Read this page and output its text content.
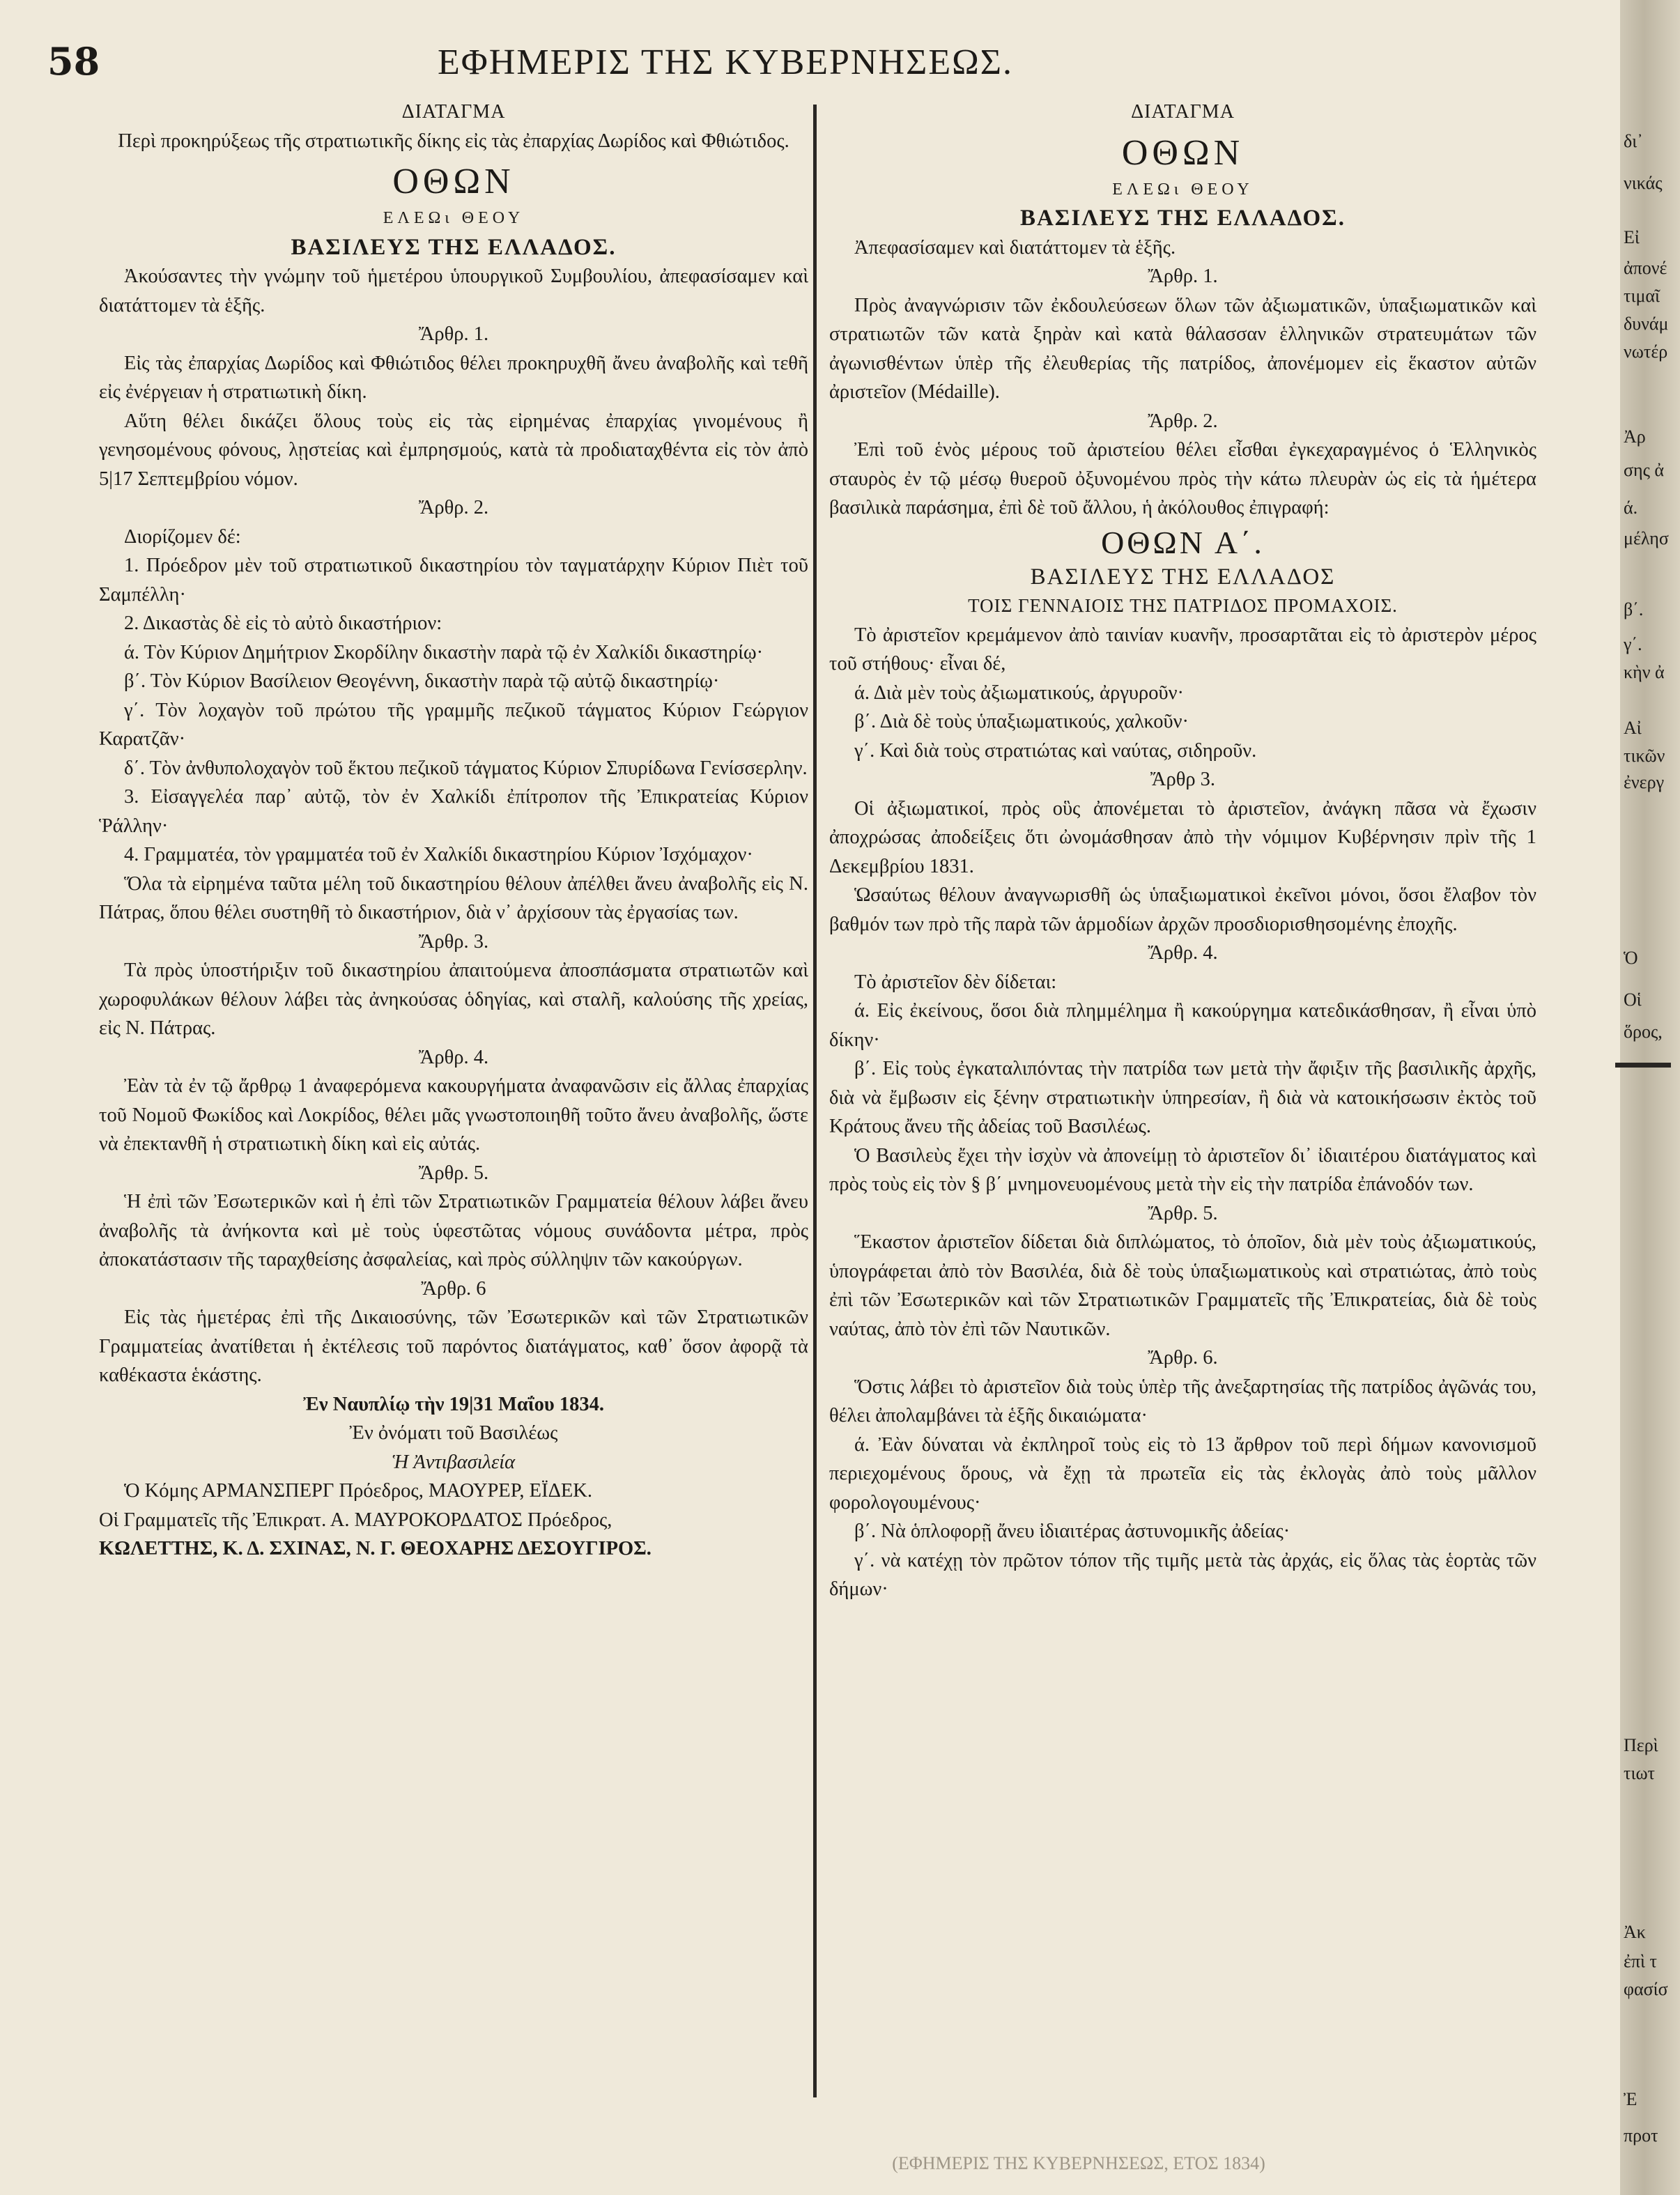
58	ΕΦΗΜΕΡΙΣ ΤΗΣ ΚΥΒΕΡΝΗΣΕΩΣ.
ΔΙΑΤΑΓΜΑ
Περὶ προκηρύξεως τῆς στρατιωτικῆς δίκης εἰς τὰς ἐπαρχίας Δωρίδος καὶ Φθιώτιδος.
ΟΘΩΝ
ΕΛΕΩι ΘΕΟΥ
ΒΑΣΙΛΕΥΣ ΤΗΣ ΕΛΛΑΔΟΣ.
Ἀκούσαντες τὴν γνώμην τοῦ ἡμετέρου ὑπουργικοῦ Συμβουλίου, ἀπεφασίσαμεν καὶ διατάττομεν τὰ ἑξῆς.
Ἄρθρ. 1.
Εἰς τὰς ἐπαρχίας Δωρίδος καὶ Φθιώτιδος θέλει προκηρυχθῆ ἄνευ ἀναβολῆς καὶ τεθῆ εἰς ἐνέργειαν ἡ στρατιωτικὴ δίκη.
Αὕτη θέλει δικάζει ὅλους τοὺς εἰς τὰς εἰρημένας ἐπαρχίας γινομένους ἢ γενησομένους φόνους, λῃστείας καὶ ἐμπρησμούς, κατὰ τὰ προδιαταχθέντα εἰς τὸν ἀπὸ 5|17 Σεπτεμβρίου νόμον.
Ἄρθρ. 2.
Διορίζομεν δέ:
1. Πρόεδρον μὲν τοῦ στρατιωτικοῦ δικαστηρίου τὸν ταγματάρχην Κύριον Πιὲτ τοῦ Σαμπέλλη·
2. Δικαστὰς δὲ εἰς τὸ αὐτὸ δικαστήριον:
ά. Τὸν Κύριον Δημήτριον Σκορδίλην δικαστὴν παρὰ τῷ ἐν Χαλκίδι δικαστηρίῳ·
β΄. Τὸν Κύριον Βασίλειον Θεογέννη, δικαστὴν παρὰ τῷ αὐτῷ δικαστηρίῳ·
γ΄. Τὸν λοχαγὸν τοῦ πρώτου τῆς γραμμῆς πεζικοῦ τάγματος Κύριον Γεώργιον Καρατζᾶν·
δ΄. Τὸν ἀνθυπολοχαγὸν τοῦ ἕκτου πεζικοῦ τάγματος Κύριον Σπυρίδωνα Γενίσσερλην.
3. Εἰσαγγελέα παρ᾽ αὐτῷ, τὸν ἐν Χαλκίδι ἐπίτροπον τῆς Ἐπικρατείας Κύριον Ῥάλλην·
4. Γραμματέα, τὸν γραμματέα τοῦ ἐν Χαλκίδι δικαστηρίου Κύριον Ἰσχόμαχον·
Ὅλα τὰ εἰρημένα ταῦτα μέλη τοῦ δικαστηρίου θέλουν ἀπέλθει ἄνευ ἀναβολῆς εἰς Ν. Πάτρας, ὅπου θέλει συστηθῆ τὸ δικαστήριον, διὰ ν᾽ ἀρχίσουν τὰς ἐργασίας των.
Ἄρθρ. 3.
Τὰ πρὸς ὑποστήριξιν τοῦ δικαστηρίου ἀπαιτούμενα ἀποσπάσματα στρατιωτῶν καὶ χωροφυλάκων θέλουν λάβει τὰς ἀνηκούσας ὁδηγίας, καὶ σταλῆ, καλούσης τῆς χρείας, εἰς Ν. Πάτρας.
Ἄρθρ. 4.
Ἐὰν τὰ ἐν τῷ ἄρθρῳ 1 ἀναφερόμενα κακουργήματα ἀναφανῶσιν εἰς ἄλλας ἐπαρχίας τοῦ Νομοῦ Φωκίδος καὶ Λοκρίδος, θέλει μᾶς γνωστοποιηθῆ τοῦτο ἄνευ ἀναβολῆς, ὥστε νὰ ἐπεκτανθῆ ἡ στρατιωτικὴ δίκη καὶ εἰς αὐτάς.
Ἄρθρ. 5.
Ἡ ἐπὶ τῶν Ἐσωτερικῶν καὶ ἡ ἐπὶ τῶν Στρατιωτικῶν Γραμματεία θέλουν λάβει ἄνευ ἀναβολῆς τὰ ἀνήκοντα καὶ μὲ τοὺς ὑφεστῶτας νόμους συνάδοντα μέτρα, πρὸς ἀποκατάστασιν τῆς ταραχθείσης ἀσφαλείας, καὶ πρὸς σύλληψιν τῶν κακούργων.
Ἄρθρ. 6
Εἰς τὰς ἡμετέρας ἐπὶ τῆς Δικαιοσύνης, τῶν Ἐσωτερικῶν καὶ τῶν Στρατιωτικῶν Γραμματείας ἀνατίθεται ἡ ἐκτέλεσις τοῦ παρόντος διατάγματος, καθ᾽ ὅσον ἀφορᾷ τὰ καθέκαστα ἑκάστης.
Ἐν Ναυπλίῳ τὴν 19|31 Μαΐου 1834.
Ἐν ὀνόματι τοῦ Βασιλέως
Ἡ Ἀντιβασιλεία
Ὁ Κόμης ΑΡΜΑΝΣΠΕΡΓ Πρόεδρος, ΜΑΟΥΡΕΡ, ΕΪΔΕΚ.
Οἱ Γραμματεῖς τῆς Ἐπικρατ. Α. ΜΑΥΡΟΚΟΡΔΑΤΟΣ Πρόεδρος,
ΚΩΛΕΤΤΗΣ, Κ. Δ. ΣΧΙΝΑΣ, Ν. Γ. ΘΕΟΧΑΡΗΣ ΔΕΣΟΥΓΙΡΟΣ.
ΔΙΑΤΑΓΜΑ
ΟΘΩΝ
ΕΛΕΩι ΘΕΟΥ
ΒΑΣΙΛΕΥΣ ΤΗΣ ΕΛΛΑΔΟΣ.
Ἀπεφασίσαμεν καὶ διατάττομεν τὰ ἑξῆς.
Ἄρθρ. 1.
Πρὸς ἀναγνώρισιν τῶν ἐκδουλεύσεων ὅλων τῶν ἀξιωματικῶν, ὑπαξιωματικῶν καὶ στρατιωτῶν τῶν κατὰ ξηρὰν καὶ κατὰ θάλασσαν ἑλληνικῶν στρατευμάτων τῶν ἀγωνισθέντων ὑπὲρ τῆς ἐλευθερίας τῆς πατρίδος, ἀπονέμομεν εἰς ἕκαστον αὐτῶν ἀριστεῖον (Médaille).
Ἄρθρ. 2.
Ἐπὶ τοῦ ἑνὸς μέρους τοῦ ἀριστείου θέλει εἶσθαι ἐγκεχαραγμένος ὁ Ἑλληνικὸς σταυρὸς ἐν τῷ μέσῳ θυεροῦ ὀξυνομένου πρὸς τὴν κάτω πλευρὰν ὡς εἰς τὰ ἡμέτερα βασιλικὰ παράσημα, ἐπὶ δὲ τοῦ ἄλλου, ἡ ἀκόλουθος ἐπιγραφή:
ΟΘΩΝ Α΄.
ΒΑΣΙΛΕΥΣ ΤΗΣ ΕΛΛΑΔΟΣ
ΤΟΙΣ ΓΕΝΝΑΙΟΙΣ ΤΗΣ ΠΑΤΡΙΔΟΣ ΠΡΟΜΑΧΟΙΣ.
Τὸ ἀριστεῖον κρεμάμενον ἀπὸ ταινίαν κυανῆν, προσαρτᾶται εἰς τὸ ἀριστερὸν μέρος τοῦ στήθους· εἶναι δέ,
ά. Διὰ μὲν τοὺς ἀξιωματικούς, ἀργυροῦν·
β΄. Διὰ δὲ τοὺς ὑπαξιωματικούς, χαλκοῦν·
γ΄. Καὶ διὰ τοὺς στρατιώτας καὶ ναύτας, σιδηροῦν.
Ἄρθρ 3.
Οἱ ἀξιωματικοί, πρὸς οὓς ἀπονέμεται τὸ ἀριστεῖον, ἀνάγκη πᾶσα νὰ ἔχωσιν ἀποχρώσας ἀποδείξεις ὅτι ὠνομάσθησαν ἀπὸ τὴν νόμιμον Κυβέρνησιν πρὶν τῆς 1 Δεκεμβρίου 1831.
Ὡσαύτως θέλουν ἀναγνωρισθῆ ὡς ὑπαξιωματικοὶ ἐκεῖνοι μόνοι, ὅσοι ἔλαβον τὸν βαθμόν των πρὸ τῆς παρὰ τῶν ἁρμοδίων ἀρχῶν προσδιορισθησομένης ἐποχῆς.
Ἄρθρ. 4.
Τὸ ἀριστεῖον δὲν δίδεται:
ά. Εἰς ἐκείνους, ὅσοι διὰ πλημμέλημα ἢ κακούργημα κατεδικάσθησαν, ἢ εἶναι ὑπὸ δίκην·
β΄. Εἰς τοὺς ἐγκαταλιπόντας τὴν πατρίδα των μετὰ τὴν ἄφιξιν τῆς βασιλικῆς ἀρχῆς, διὰ νὰ ἔμβωσιν εἰς ξένην στρατιωτικὴν ὑπηρεσίαν, ἢ διὰ νὰ κατοικήσωσιν ἐκτὸς τοῦ Κράτους ἄνευ τῆς ἀδείας τοῦ Βασιλέως.
Ὁ Βασιλεὺς ἔχει τὴν ἰσχὺν νὰ ἀπονείμῃ τὸ ἀριστεῖον δι᾽ ἰδιαιτέρου διατάγματος καὶ πρὸς τοὺς εἰς τὸν § β΄ μνημονευομένους μετὰ τὴν εἰς τὴν πατρίδα ἐπάνοδόν των.
Ἄρθρ. 5.
Ἕκαστον ἀριστεῖον δίδεται διὰ διπλώματος, τὸ ὁποῖον, διὰ μὲν τοὺς ἀξιωματικούς, ὑπογράφεται ἀπὸ τὸν Βασιλέα, διὰ δὲ τοὺς ὑπαξιωματικοὺς καὶ στρατιώτας, ἀπὸ τοὺς ἐπὶ τῶν Ἐσωτερικῶν καὶ τῶν Στρατιωτικῶν Γραμματεῖς τῆς Ἐπικρατείας, διὰ δὲ τοὺς ναύτας, ἀπὸ τὸν ἐπὶ τῶν Ναυτικῶν.
Ἄρθρ. 6.
Ὅστις λάβει τὸ ἀριστεῖον διὰ τοὺς ὑπὲρ τῆς ἀνεξαρτησίας τῆς πατρίδος ἀγῶνάς του, θέλει ἀπολαμβάνει τὰ ἑξῆς δικαιώματα·
ά. Ἐὰν δύναται νὰ ἐκπληροῖ τοὺς εἰς τὸ 13 ἄρθρον τοῦ περὶ δήμων κανονισμοῦ περιεχομένους ὅρους, νὰ ἔχῃ τὰ πρωτεῖα εἰς τὰς ἐκλογὰς ἀπὸ τοὺς μᾶλλον φορολογουμένους·
β΄. Νὰ ὁπλοφορῇ ἄνευ ἰδιαιτέρας ἀστυνομικῆς ἀδείας·
γ΄. νὰ κατέχῃ τὸν πρῶτον τόπον τῆς τιμῆς μετὰ τὰς ἀρχάς, εἰς ὅλας τὰς ἑορτὰς τῶν δήμων·
(ΕΦΗΜΕΡΙΣ ΤΗΣ ΚΥΒΕΡΝΗΣΕΩΣ, ΕΤΟΣ 1834)
δι᾽
νικάς
Εἰ
ἀπονέ
τιμαῖ
δυνάμ
νωτέρ
Ἀρ
σης ἀ
ά.
μέλησ
β΄.
γ΄.
κὴν ἀ
Αἰ
τικῶν
ἐνεργ
Ὁ
Οἱ
ὅρος,
Περὶ
τιωτ
Ἀκ
ἐπὶ τ
φασίσ
Ἐ
προτ
